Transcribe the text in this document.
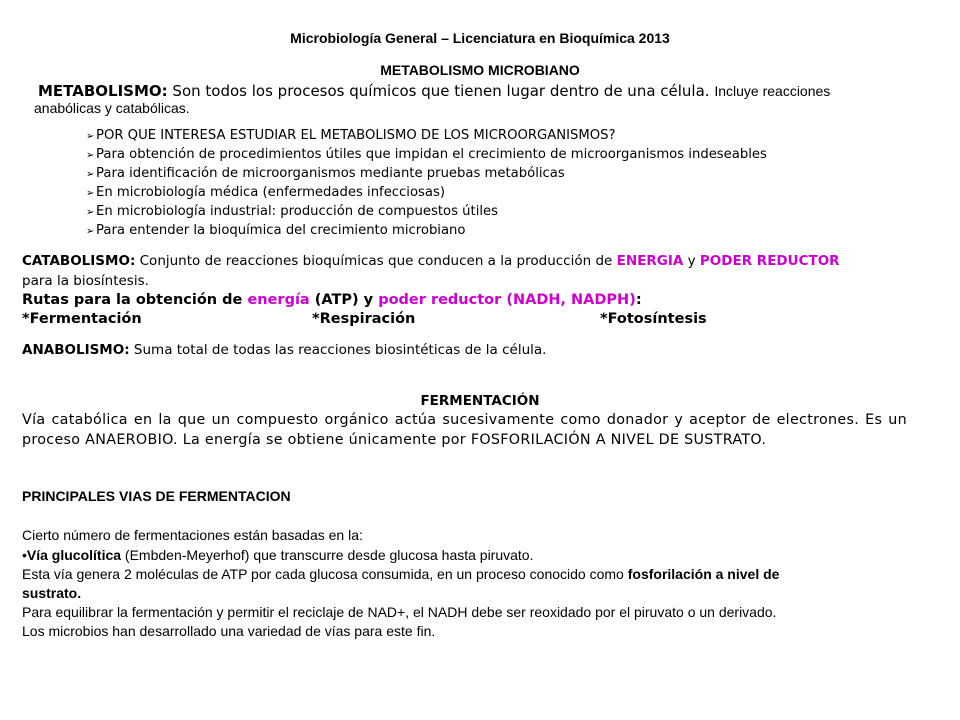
Microbiología General – Licenciatura en Bioquímica 2013
METABOLISMO MICROBIANO
METABOLISMO: Son todos los procesos químicos que tienen lugar dentro de una célula. Incluye reacciones
anabólicas y catabólicas.
➢ POR QUE INTERESA ESTUDIAR EL METABOLISMO DE LOS MICROORGANISMOS?
➢ Para obtención de procedimientos útiles que impidan el crecimiento de microorganismos indeseables
➢ Para identificación de microorganismos mediante pruebas metabólicas
➢ En microbiología médica (enfermedades infecciosas)
➢ En microbiología industrial: producción de compuestos útiles
➢ Para entender la bioquímica del crecimiento microbiano
CATABOLISMO: Conjunto de reacciones bioquímicas que conducen a la producción de ENERGIA y PODER REDUCTOR
para la biosíntesis.
Rutas para la obtención de energía (ATP) y poder reductor (NADH, NADPH):
*Fermentación	*Respiración	*Fotosíntesis
ANABOLISMO: Suma total de todas las reacciones biosintéticas de la célula.
FERMENTACIÓN
Vía catabólica en la que un compuesto orgánico actúa sucesivamente como donador y aceptor de electrones. Es un proceso ANAEROBIO. La energía se obtiene únicamente por FOSFORILACIÓN A NIVEL DE SUSTRATO.
PRINCIPALES VIAS DE FERMENTACION
Cierto número de fermentaciones están basadas en la:
•Vía glucolítica (Embden-Meyerhof) que transcurre desde glucosa hasta piruvato.
Esta vía genera 2 moléculas de ATP por cada glucosa consumida, en un proceso conocido como fosforilación a nivel de
sustrato.
Para equilibrar la fermentación y permitir el reciclaje de NAD+, el NADH debe ser reoxidado por el piruvato o un derivado.
Los microbios han desarrollado una variedad de vías para este fin.
